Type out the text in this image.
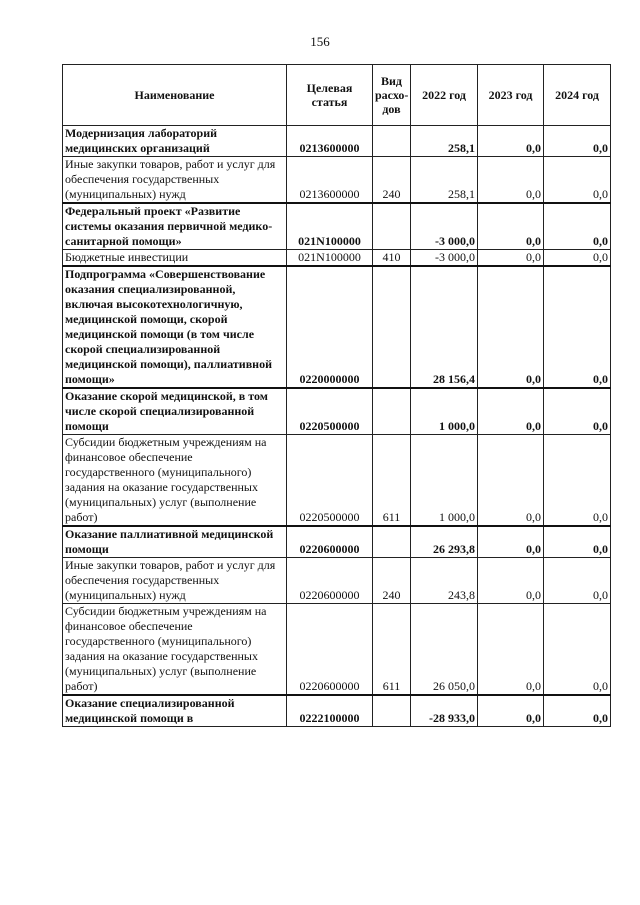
156
Наименование	Целевая статья	Вид расхо-дов	2022 год	2023 год	2024 год
Модернизация лабораторий медицинских организаций	0213600000		258,1	0,0	0,0
Иные закупки товаров, работ и услуг для обеспечения государственных (муниципальных) нужд	0213600000	240	258,1	0,0	0,0
Федеральный проект «Развитие системы оказания первичной медико-санитарной помощи»	021N100000		-3 000,0	0,0	0,0
Бюджетные инвестиции	021N100000	410	-3 000,0	0,0	0,0
Подпрограмма «Совершенствование оказания специализированной, включая высокотехнологичную, медицинской помощи, скорой медицинской помощи (в том числе скорой специализированной медицинской помощи), паллиативной помощи»	0220000000		28 156,4	0,0	0,0
Оказание скорой медицинской, в том числе скорой специализированной помощи	0220500000		1 000,0	0,0	0,0
Субсидии бюджетным учреждениям на финансовое обеспечение государственного (муниципального) задания на оказание государственных (муниципальных) услуг (выполнение работ)	0220500000	611	1 000,0	0,0	0,0
Оказание паллиативной медицинской помощи	0220600000		26 293,8	0,0	0,0
Иные закупки товаров, работ и услуг для обеспечения государственных (муниципальных) нужд	0220600000	240	243,8	0,0	0,0
Субсидии бюджетным учреждениям на финансовое обеспечение государственного (муниципального) задания на оказание государственных (муниципальных) услуг (выполнение работ)	0220600000	611	26 050,0	0,0	0,0
Оказание специализированной медицинской помощи в	0222100000		-28 933,0	0,0	0,0
